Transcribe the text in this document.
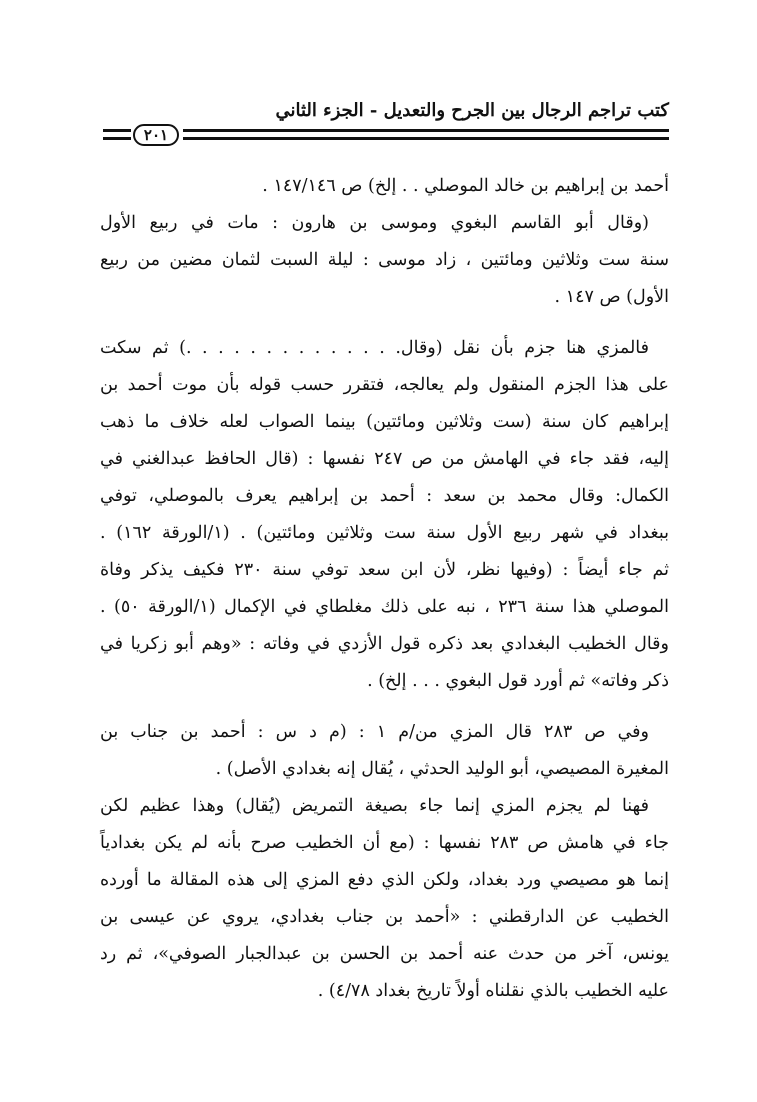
كتب تراجم الرجال بين الجرح والتعديل - الجزء الثاني
٢٠١
أحمد بن إبراهيم بن خالد الموصلي . . إلخ) ص ١٤٧/١٤٦ .
(وقال أبو القاسم البغوي وموسى بن هارون : مات في ربيع الأول
سنة ست وثلاثين ومائتين ، زاد موسى : ليلة السبت لثمان مضين من ربيع
الأول) ص ١٤٧ .
فالمزي هنا جزم بأن نقل (وقال. . . . . . . . . . . . . .) ثم سكت
على هذا الجزم المنقول ولم يعالجه، فتقرر حسب قوله بأن موت أحمد بن
إبراهيم كان سنة (ست وثلاثين ومائتين) بينما الصواب لعله خلاف ما ذهب
إليه، فقد جاء في الهامش من ص ٢٤٧ نفسها : (قال الحافظ عبدالغني في
الكمال: وقال محمد بن سعد : أحمد بن إبراهيم يعرف بالموصلي، توفي
ببغداد في شهر ربيع الأول سنة ست وثلاثين ومائتين) . (١/الورقة ١٦٢) .
ثم جاء أيضاً : (وفيها نظر، لأن ابن سعد توفي سنة ٢٣٠ فكيف يذكر وفاة
الموصلي هذا سنة ٢٣٦ ، نبه على ذلك مغلطاي في الإكمال (١/الورقة ٥٠) .
وقال الخطيب البغدادي بعد ذكره قول الأزدي في وفاته : «وهم أبو زكريا في
ذكر وفاته» ثم أورد قول البغوي . . . إلخ) .
وفي ص ٢٨٣ قال المزي من/م ١ : (م د س : أحمد بن جناب بن
المغيرة المصيصي، أبو الوليد الحدثي ، يُقال إنه بغدادي الأصل) .
فهنا لم يجزم المزي إنما جاء بصيغة التمريض (يُقال) وهذا عظيم لكن
جاء في هامش ص ٢٨٣ نفسها : (مع أن الخطيب صرح بأنه لم يكن بغدادياً
إنما هو مصيصي ورد بغداد، ولكن الذي دفع المزي إلى هذه المقالة ما أورده
الخطيب عن الدارقطني : «أحمد بن جناب بغدادي، يروي عن عيسى بن
يونس، آخر من حدث عنه أحمد بن الحسن بن عبدالجبار الصوفي»، ثم رد
عليه الخطيب بالذي نقلناه أولاً تاريخ بغداد ٤/٧٨) .
